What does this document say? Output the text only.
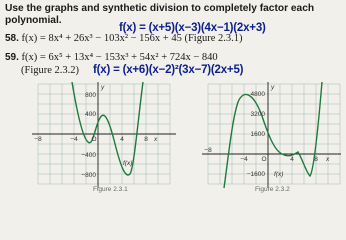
Use the graphs and synthetic division to completely factor each polynomial.
f(x) = (x+5)(x−3)(4x−1)(2x+3)
58. f(x) = 8x⁴ + 26x³ − 103x² − 156x + 45 (Figure 2.3.1)
59. f(x) = 6x⁵ + 13x⁴ − 153x³ + 54x² + 724x − 840
(Figure 2.3.2) f(x) = (x+6)(x−2)²(3x−7)(2x+5)
−8	−4 O	4	8 x
y
800
400
−400
−800
f(x)
Figure 2.3.1
−8
−4 O	4	8 x
y
4800
3200
1600
−1600 f(x)
Figure 2.3.2
